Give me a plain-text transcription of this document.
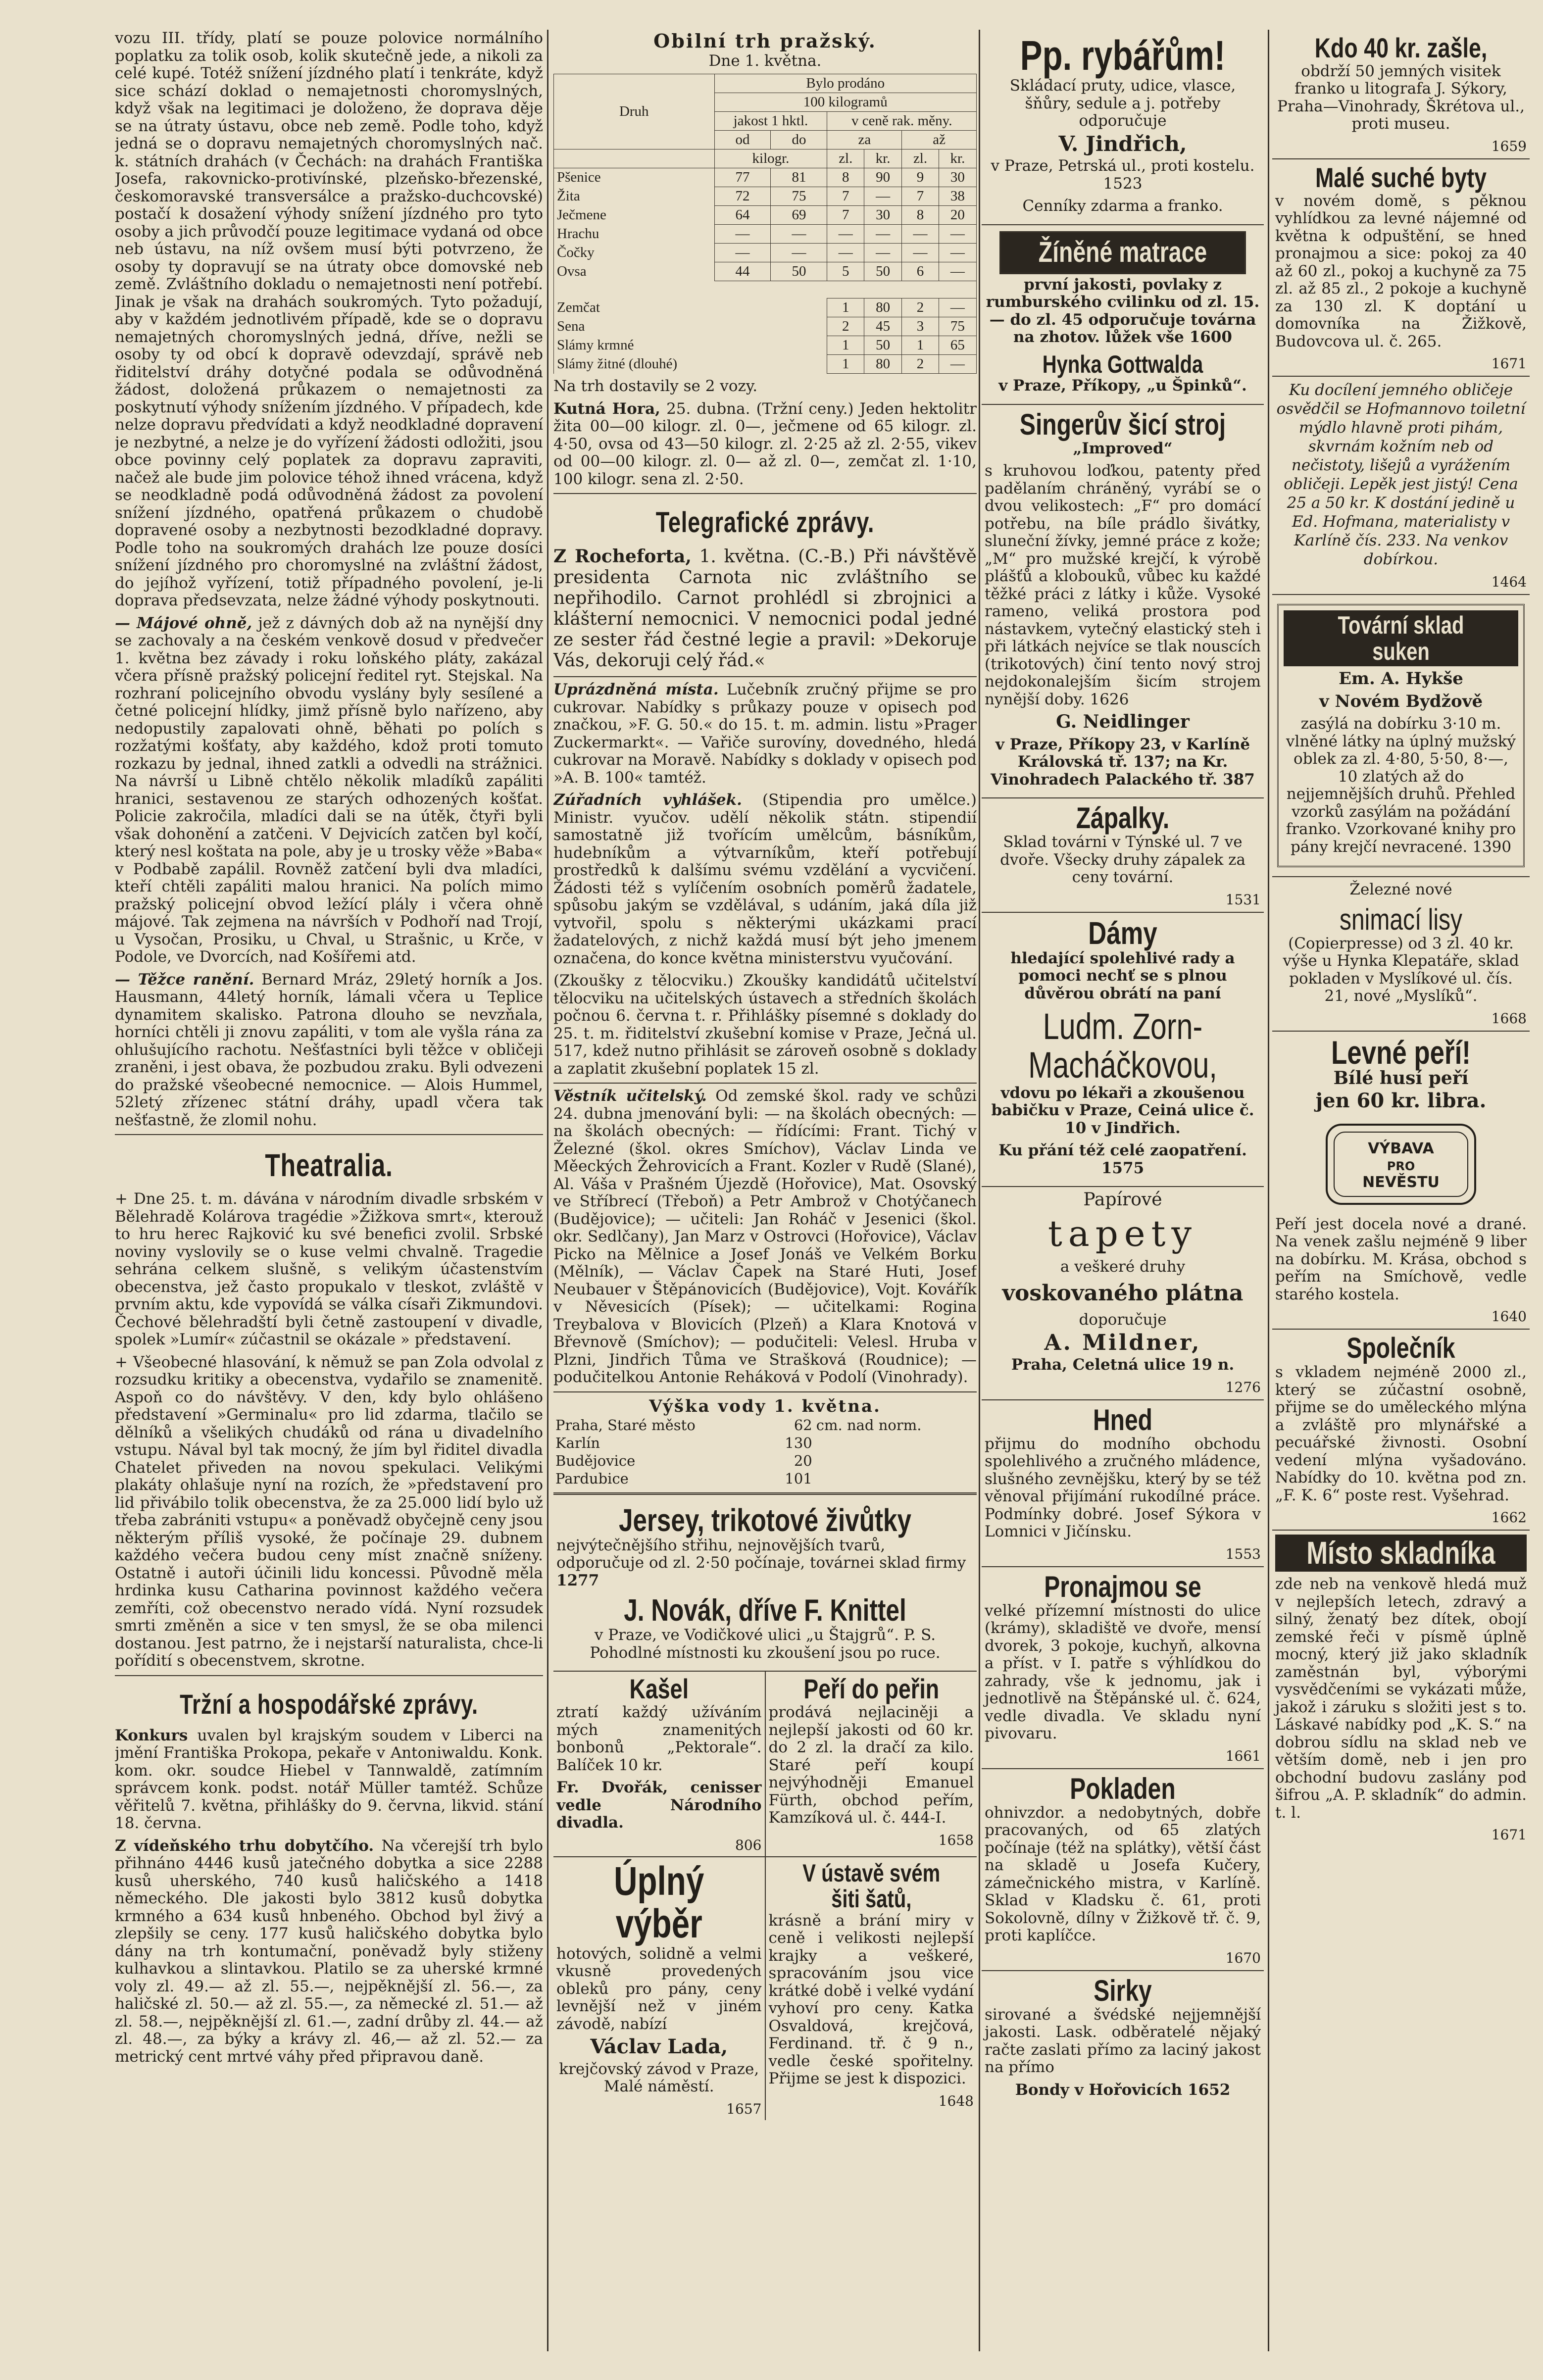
vozu III. třídy, platí se pouze polovice normálního poplatku za tolik osob, kolik skutečně jede, a nikoli za celé kupé. Totéž snížení jízdného platí i tenkráte, když sice schází doklad o nemajetnosti choromyslných, když však na legitimaci je doloženo, že doprava děje se na útraty ústavu, obce neb země. Podle toho, když jedná se o dopravu nemajetných choromyslných nač. k. státních drahách (v Čechách: na drahách Františka Josefa, rakovnicko-protivínské, plzeňsko-březenské, českomoravské transversálce a pražsko-duchcovské) postačí k dosažení výhody snížení jízdného pro tyto osoby a jich průvodčí pouze legitimace vydaná od obce neb ústavu, na níž ovšem musí býti potvrzeno, že osoby ty dopravují se na útraty obce domovské neb země. Zvláštního dokladu o nemajetnosti není potřebí. Jinak je však na drahách soukromých. Tyto požadují, aby v každém jednotlivém případě, kde se o dopravu nemajetných choromyslných jedná, dříve, nežli se osoby ty od obcí k dopravě odevzdají, správě neb řiditelství dráhy dotyčné podala se odůvodněná žádost, doložená průkazem o nemajetnosti za poskytnutí výhody snížením jízdného. V případech, kde nelze dopravu předvídati a když neodkladné dopravení je nezbytné, a nelze je do vyřízení žádosti odložiti, jsou obce povinny celý poplatek za dopravu zapraviti, načež ale bude jim polovice téhož ihned vrácena, když se neodkladně podá odůvodněná žádost za povolení snížení jízdného, opatřená průkazem o chudobě dopravené osoby a nezbytnosti bezodkladné dopravy. Podle toho na soukromých drahách lze pouze dosíci snížení jízdného pro choromyslné na zvláštní žádost, do jejíhož vyřízení, totiž případného povolení, je-li doprava předsevzata, nelze žádné výhody poskytnouti.

— Májové ohně, jež z dávných dob až na nynější dny se zachovaly a na českém venkově dosud v předvečer 1. května bez závady i roku loňského pláty, zakázal včera přísně pražský policejní ředitel ryt. Stejskal. Na rozhraní policejního obvodu vyslány byly sesílené a četné policejní hlídky, jimž přísně bylo nařízeno, aby nedopustily zapalovati ohně, běhati po polích s rozžatými košťaty, aby každého, kdož proti tomuto rozkazu by jednal, ihned zatkli a odvedli na strážnici. Na návrší u Libně chtělo několik mladíků zapáliti hranici, sestavenou ze starých odhozených košťat. Policie zakročila, mladíci dali se na útěk, čtyři byli však dohonění a zatčeni. V Dejvicích zatčen byl kočí, který nesl koštata na pole, aby je u trosky věže »Baba« v Podbabě zapálil. Rovněž zatčení byli dva mladíci, kteří chtěli zapáliti malou hranici. Na polích mimo pražský policejní obvod ležící plály i včera ohně májové. Tak zejmena na návrších v Podhoří nad Trojí, u Vysočan, Prosiku, u Chval, u Strašnic, u Krče, v Podole, ve Dvorcích, nad Košířemi atd.

— Těžce ranění. Bernard Mráz, 29letý horník a Jos. Hausmann, 44letý horník, lámali včera u Teplice dynamitem skalisko. Patrona dlouho se nevzňala, horníci chtěli ji znovu zapáliti, v tom ale vyšla rána za ohlušujícího rachotu. Nešťastníci byli těžce v obličeji zraněni, i jest obava, že pozbudou zraku. Byli odvezeni do pražské všeobecné nemocnice. — Alois Hummel, 52letý zřízenec státní dráhy, upadl včera tak nešťastně, že zlomil nohu.

Theatralia.

+ Dne 25. t. m. dávána v národním divadle srbském v Bělehradě Kolárova tragédie »Žižkova smrt«, kterouž to hru herec Rajković ku své benefici zvolil. Srbské noviny vyslovily se o kuse velmi chvalně. Tragedie sehrána celkem slušně, s velikým účastenstvím obecenstva, jež často propukalo v tleskot, zvláště v prvním aktu, kde vypovídá se válka císaři Zikmundovi. Čechové bělehradští byli četně zastoupení v divadle, spolek »Lumír« zúčastnil se okázale » představení.

+ Všeobecné hlasování, k němuž se pan Zola odvolal z rozsudku kritiky a obecenstva, vydařilo se znamenitě. Aspoň co do návštěvy. V den, kdy bylo ohlášeno představení »Germinalu« pro lid zdarma, tlačilo se dělníků a všelikých chudáků od rána u divadelního vstupu. Nával byl tak mocný, že jím byl řiditel divadla Chatelet přiveden na novou spekulaci. Velikými plakáty ohlašuje nyní na rozích, že »představení pro lid přivábilo tolik obecenstva, že za 25.000 lidí bylo už třeba zabrániti vstupu« a poněvadž obyčejně ceny jsou některým příliš vysoké, že počínaje 29. dubnem každého večera budou ceny míst značně sníženy. Ostatně i autoři účinili lidu koncessi. Původně měla hrdinka kusu Catharina povinnost každého večera zemříti, což obecenstvo nerado vídá. Nyní rozsudek smrti změněn a sice v ten smysl, že se oba milenci dostanou. Jest patrno, že i nejstarší naturalista, chce-li pořídití s obecenstvem, skrotne.

Tržní a hospodářské zprávy.

Konkurs uvalen byl krajským soudem v Liberci na jmění Františka Prokopa, pekaře v Antoniwaldu. Konk. kom. okr. soudce Hiebel v Tannwaldě, zatímním správcem konk. podst. notář Müller tamtéž. Schůze věřitelů 7. května, přihlášky do 9. června, likvid. stání 18. června.

Z vídeňského trhu dobytčího. Na včerejší trh bylo přihnáno 4446 kusů jatečného dobytka a sice 2288 kusů uherského, 740 kusů haličského a 1418 německého. Dle jakosti bylo 3812 kusů dobytka krmného a 634 kusů hnbeného. Obchod byl živý a zlepšily se ceny. 177 kusů haličského dobytka bylo dány na trh kontumační, poněvadž byly stiženy kulhavkou a slintavkou. Platilo se za uherské krmné voly zl. 49.— až zl. 55.—, nejpěknější zl. 56.—, za haličské zl. 50.— až zl. 55.—, za německé zl. 51.— až zl. 58.—, nejpěknější zl. 61.—, zadní drůby zl. 44.— až zl. 48.—, za býky a krávy zl. 46,— až zl. 52.— za metrický cent mrtvé váhy před připravou daně.

Obilní trh pražský.
Dne 1. května.
Druh	Bylo prodáno					
	100 kilogramů					
	jakost 1 hktl.		v ceně rak. měny.			
	od	do	za		až	
	kilogr.		zl.	kr.	zl.	kr.
Pšenice	77	81	8	90	9	30
Žita	72	75	7	—	7	38
Ječmene	64	69	7	30	8	20
Hrachu	—	—	—	—	—	—
Čočky	—	—	—	—	—	—
Ovsa	44	50	5	50	6	—

Zemčat			1	80	2	—
Sena			2	45	3	75
Slámy krmné			1	50	1	65
Slámy žitné (dlouhé)			1	80	2	—

Na trh dostavily se 2 vozy.

Kutná Hora, 25. dubna. (Tržní ceny.) Jeden hektolitr žita 00—00 kilogr. zl. 0—, ječmene od 65 kilogr. zl. 4·50, ovsa od 43—50 kilogr. zl. 2·25 až zl. 2·55, vikev od 00—00 kilogr. zl. 0— až zl. 0—, zemčat zl. 1·10, 100 kilogr. sena zl. 2·50.

Telegrafické zprávy.

Z Rocheforta, 1. května. (C.-B.) Při návštěvě presidenta Carnota nic zvláštního se nepřihodilo. Carnot prohlédl si zbrojnici a klášterní nemocnici. V nemocnici podal jedné ze sester řád čestné legie a pravil: »Dekoruje Vás, dekoruji celý řád.«

Uprázdněná místa. Lučebník zručný přijme se pro cukrovar. Nabídky s průkazy pouze v opisech pod značkou, »F. G. 50.« do 15. t. m. admin. listu »Prager Zuckermarkt«. — Vařiče surovíny, dovedného, hledá cukrovar na Moravě. Nabídky s doklady v opisech pod »A. B. 100« tamtéž.

Zúřadních vyhlášek. (Stipendia pro umělce.) Ministr. vyučov. udělí několik státn. stipendií samostatně již tvořícím umělcům, básníkům, hudebníkům a výtvarníkům, kteří potřebují prostředků k dalšímu svému vzdělání a vycvičení. Žádosti též s vylíčením osobních poměrů žadatele, spůsobu jakým se vzdělával, s udáním, jaká díla již vytvořil, spolu s některými ukázkami prací žadatelových, z nichž každá musí být jeho jmenem označena, do konce května ministerstvu vyučování.

(Zkoušky z tělocviku.) Zkoušky kandidátů učitelství tělocviku na učitelských ústavech a středních školách počnou 6. června t. r. Přihlášky písemné s doklady do 25. t. m. řiditelství zkušební komise v Praze, Ječná ul. 517, kdež nutno přihlásit se zároveň osobně s doklady a zaplatit zkušební poplatek 15 zl.

Věstník učitelský. Od zemské škol. rady ve schůzi 24. dubna jmenování byli: — na školách obecných: — na školách obecných: — řídícími: Frant. Tichý v Železné (škol. okres Smíchov), Václav Linda ve Měeckých Žehrovicích a Frant. Kozler v Rudě (Slané), Al. Váša v Prašném Újezdě (Hořovice), Mat. Osovský ve Stříbrecí (Třeboň) a Petr Ambrož v Chotýčanech (Budějovice); — učiteli: Jan Roháč v Jesenici (škol. okr. Sedlčany), Jan Marz v Ostrovci (Hořovice), Václav Picko na Mělnice a Josef Jonáš ve Velkém Borku (Mělník), — Václav Čapek na Staré Huti, Josef Neubauer v Štěpánovicích (Budějovice), Vojt. Kovářík v Něvesicích (Písek); — učitelkami: Rogina Treybalova v Blovicích (Plzeň) a Klara Knotová v Břevnově (Smíchov); — podučiteli: Velesl. Hruba v Plzni, Jindřich Tůma ve Strašková (Roudnice); — podučitelkou Antonie Reháková v Podolí (Vinohrady).

Výška vody 1. května.
Praha, Staré město	62	cm. nad norm.
Karlín	130	
Budějovice	20	
Pardubice	101	
Jersey, trikotové živůtky

nejvýtečnějšího střihu, nejnovějších tvarů, odporučuje od zl. 2·50 počínaje, továrnei sklad firmy 1277

J. Novák, dříve F. Knittel

v Praze, ve Vodičkové ulici „u Štajgrů“. P. S. Pohodlné místnosti ku zkoušení jsou po ruce.

Kašel

ztratí každý užíváním mých znamenitých bonbonů „Pektorale“. Balíček 10 kr.

Fr. Dvořák, cenisser vedle Národního divadla.

806
Peří do peřin

prodává nejlaciněji a nejlepší jakosti od 60 kr. do 2 zl. la dračí za kilo. Staré peří koupí nejvýhodněji Emanuel Fürth, obchod peřím, Kamzíková ul. č. 444-I.

1658
Úplný výběr

hotových, solidně a velmi vkusně provedených obleků pro pány, ceny levnější než v jiném závodě, nabízí

Václav Lada,

krejčovský závod v Praze, Malé náměstí.

1657
V ústavě svém šiti šatů,

krásně a brání miry v ceně i velikosti nejlepší krajky a veškeré, spracováním jsou vice krátké době i velké vydání vyhoví pro ceny. Katka Osvaldová, krejčová, Ferdinand. tř. č 9 n., vedle české spořitelny. Přijme se jest k dispozici.

1648
Pp. rybářům!

Skládací pruty, udice, vlasce, šňůry, sedule a j. potřeby odporučuje

V. Jindřich,

v Praze, Petrská ul., proti kostelu. 1523

Cenníky zdarma a franko.

Žíněné matrace

první jakosti, povlaky z rumburského cvilinku od zl. 15.— do zl. 45 odporučuje továrna na zhotov. lůžek vše 1600

Hynka Gottwalda

v Praze, Příkopy, „u Špinků“.

Singerův šicí stroj

„Improved“

s kruhovou loďkou, patenty před padělaním chráněný, vyrábí se o dvou velikostech: „F“ pro domácí potřebu, na bíle prádlo šivátky, sluneční žívky, jemné práce z kože; „M“ pro mužské krejčí, k výrobě plášťů a klobouků, vůbec ku každé těžké práci z látky i kůže. Vysoké rameno, veliká prostora pod nástavkem, vytečný elastický steh i při látkách nejvíce se tlak nouscích (trikotových) činí tento nový stroj nejdokonalejším šicím strojem nynější doby. 1626

G. Neidlinger

v Praze, Příkopy 23, v Karlíně Královská tř. 137; na Kr. Vinohradech Palackého tř. 387

Zápalky.

Sklad továrni v Týnské ul. 7 ve dvoře. Všecky druhy zápalek za ceny tovární.

1531
Dámy

hledající spolehlivé rady a pomoci nechť se s plnou důvěrou obrátí na paní

Ludm. Zorn-
Macháčkovou,

vdovu po lékaři a zkoušenou babičku v Praze, Ceiná ulice č. 10 v Jindřich.

Ku přání též celé zaopatření. 1575

Papírové

tapety

a veškeré druhy

voskovaného plátna

doporučuje

A. Mildner,

Praha, Celetná ulice 19 n.

1276
Hned

přijmu do modního obchodu spolehlivého a zručného mládence, slušného zevnějšku, který by se též věnoval přijímání rukodílné práce. Podmínky dobré. Josef Sýkora v Lomnici v Jičínsku.

1553
Pronajmou se

velké přízemní místnosti do ulice (krámy), skladiště ve dvoře, mensí dvorek, 3 pokoje, kuchyň, alkovna a příst. v I. patře s výhlídkou do zahrady, vše k jednomu, jak i jednotlivě na Štěpánské ul. č. 624, vedle divadla. Ve skladu nyní pivovaru.

1661
Pokladen

ohnivzdor. a nedobytných, dobře pracovaných, od 65 zlatých počínaje (též na splátky), větší část na skladě u Josefa Kučery, zámečnického mistra, v Karlíně. Sklad v Kladsku č. 61, proti Sokolovně, dílny v Žižkově tř. č. 9, proti kaplíčce.

1670
Sirky

sirované a švédské nejjemnější jakosti. Lask. odběratelé nějaký račte zaslati přímo za laciný jakost na přímo

Bondy v Hořovicích 1652

Kdo 40 kr. zašle,

obdrží 50 jemných visitek franko u litografa J. Sýkory, Praha—Vinohrady, Škrétova ul., proti museu.

1659
Malé suché byty

v novém domě, s pěknou vyhlídkou za levné nájemné od května k odpuštění, se hned pronajmou a sice: pokoj za 40 až 60 zl., pokoj a kuchyně za 75 zl. až 85 zl., 2 pokoje a kuchyně za 130 zl. K doptání u domovníka na Žižkově, Budovcova ul. č. 265.

1671

Ku docílení jemného obličeje osvědčil se Hofmannovo toiletní mýdlo hlavně proti pihám, skvrnám kožním neb od nečistoty, lišejů a vyrážením obličeji. Lepěk jest jistý! Cena 25 a 50 kr. K dostání jedině u Ed. Hofmana, materialisty v Karlíně čís. 233. Na venkov dobírkou.

1464
Tovární sklad suken

Em. A. Hykše

v Novém Bydžově

zasýlá na dobírku 3·10 m. vlněné látky na úplný mužský oblek za zl. 4·80, 5·50, 8·—, 10 zlatých až do nejjemnějších druhů. Přehled vzorků zasýlám na požádání franko. Vzorkované knihy pro pány krejčí nevracené. 1390

Železné nové

snimací lisy

(Copierpresse) od 3 zl. 40 kr. výše u Hynka Klepatáře, sklad pokladen v Myslíkové ul. čís. 21, nové „Myslíků“.

1668
Levné peří!

Bílé husí peří

jen 60 kr. libra.

VÝBAVA
PRO
NEVĚSTU

Peří jest docela nové a drané. Na venek zašlu nejméně 9 liber na dobírku. M. Krása, obchod s peřím na Smíchově, vedle starého kostela.

1640
Společník

s vkladem nejméně 2000 zl., který se zúčastní osobně, přijme se do uměleckého mlýna a zvláště pro mlynářské a pecuářské živnosti. Osobní vedení mlýna vyšadováno. Nabídky do 10. května pod zn. „F. K. 6“ poste rest. Vyšehrad.

1662
Místo skladníka

zde neb na venkově hledá muž v nejlepších letech, zdravý a silný, ženatý bez dítek, obojí zemské řeči v písmě úplně mocný, který již jako skladník zaměstnán byl, výborými vysvědčeními se vykázati může, jakož i záruku s složiti jest s to. Láskavé nabídky pod „K. S.“ na dobrou sídlu na sklad neb ve větším domě, neb i jen pro obchodní budovu zaslány pod šifrou „A. P. skladník“ do admin. t. l.

1671
